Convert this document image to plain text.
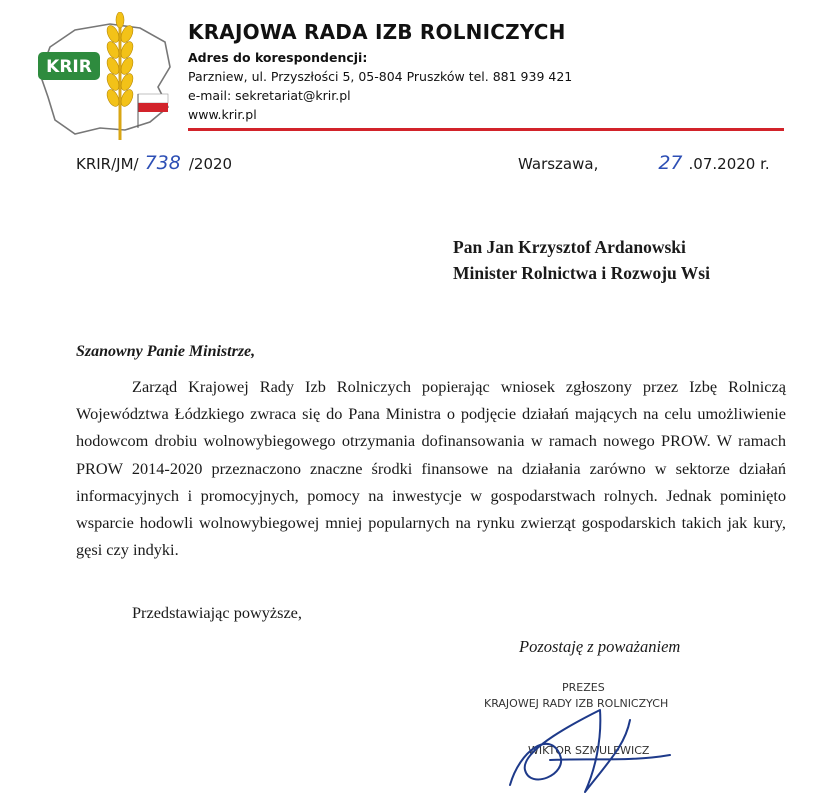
KRIR
KRAJOWA RADA IZB ROLNICZYCH
Adres do korespondencji:
Parzniew, ul. Przyszłości 5, 05-804 Pruszków tel. 881 939 421
e-mail: sekretariat@krir.pl
www.krir.pl
KRIR/JM/ 738 /2020	Warszawa,	27 .07.2020 r.
Pan Jan Krzysztof Ardanowski
Minister Rolnictwa i Rozwoju Wsi
Szanowny Panie Ministrze,
Zarząd Krajowej Rady Izb Rolniczych popierając wniosek zgłoszony przez Izbę Rolniczą Województwa Łódzkiego zwraca się do Pana Ministra o podjęcie działań mających na celu umożliwienie hodowcom drobiu wolnowybiegowego otrzymania dofinansowania w ramach nowego PROW. W ramach PROW 2014-2020 przeznaczono znaczne środki finansowe na działania zarówno w sektorze działań informacyjnych i promocyjnych, pomocy na inwestycje w gospodarstwach rolnych. Jednak pominięto wsparcie hodowli wolnowybiegowej mniej popularnych na rynku zwierząt gospodarskich takich jak kury, gęsi czy indyki.
Przedstawiając powyższe,
Pozostaję z poważaniem
PREZES
KRAJOWEJ RADY IZB ROLNICZYCH
WIKTOR SZMULEWICZ
